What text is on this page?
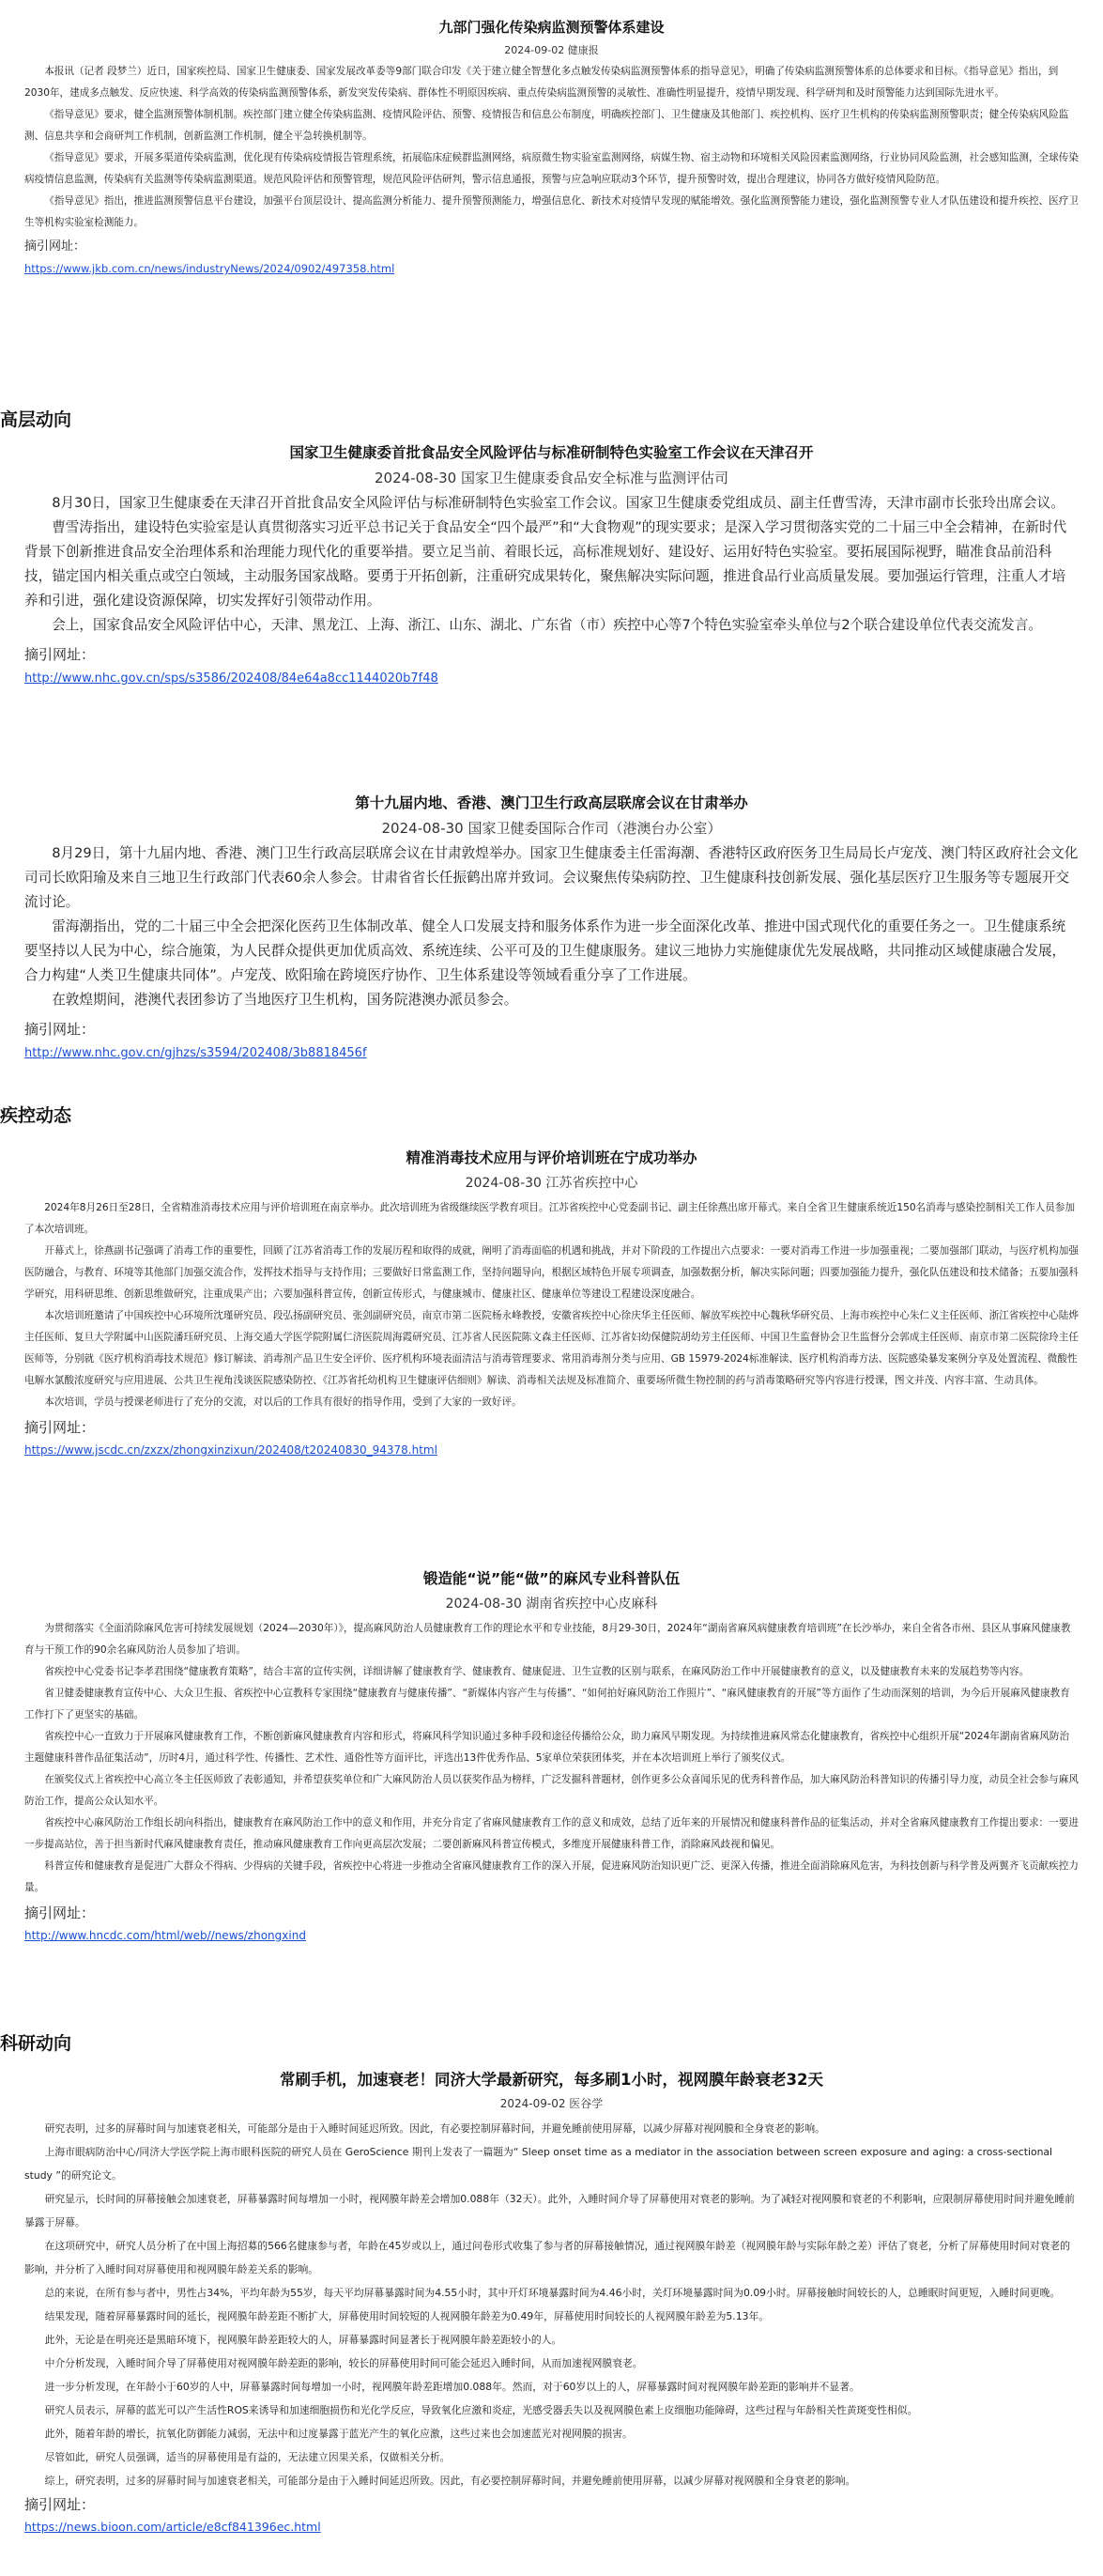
九部门强化传染病监测预警体系建设
2024-09-02 健康报

本报讯（记者 段梦兰）近日，国家疾控局、国家卫生健康委、国家发展改革委等9部门联合印发《关于建立健全智慧化多点触发传染病监测预警体系的指导意见》，明确了传染病监测预警体系的总体要求和目标。《指导意见》指出，到2030年，建成多点触发、反应快速、科学高效的传染病监测预警体系，新发突发传染病、群体性不明原因疾病、重点传染病监测预警的灵敏性、准确性明显提升，疫情早期发现、科学研判和及时预警能力达到国际先进水平。

《指导意见》要求，健全监测预警体制机制。疾控部门建立健全传染病监测、疫情风险评估、预警、疫情报告和信息公布制度，明确疾控部门、卫生健康及其他部门、疾控机构、医疗卫生机构的传染病监测预警职责；健全传染病风险监测、信息共享和会商研判工作机制，创新监测工作机制，健全平急转换机制等。

《指导意见》要求，开展多渠道传染病监测，优化现有传染病疫情报告管理系统，拓展临床症候群监测网络，病原微生物实验室监测网络，病媒生物、宿主动物和环境相关风险因素监测网络，行业协同风险监测，社会感知监测，全球传染病疫情信息监测，传染病有关监测等传染病监测渠道。规范风险评估和预警管理，规范风险评估研判，警示信息通报，预警与应急响应联动3个环节，提升预警时效，提出合理建议，协同各方做好疫情风险防范。

《指导意见》指出，推进监测预警信息平台建设，加强平台顶层设计、提高监测分析能力、提升预警预测能力，增强信息化、新技术对疫情早发现的赋能增效。强化监测预警能力建设，强化监测预警专业人才队伍建设和提升疾控、医疗卫生等机构实验室检测能力。

摘引网址：
https://www.jkb.com.cn/news/industryNews/2024/0902/497358.html
高层动向
国家卫生健康委首批食品安全风险评估与标准研制特色实验室工作会议在天津召开
2024-08-30 国家卫生健康委食品安全标准与监测评估司

8月30日，国家卫生健康委在天津召开首批食品安全风险评估与标准研制特色实验室工作会议。国家卫生健康委党组成员、副主任曹雪涛，天津市副市长张玲出席会议。

曹雪涛指出，建设特色实验室是认真贯彻落实习近平总书记关于食品安全“四个最严”和“大食物观”的现实要求；是深入学习贯彻落实党的二十届三中全会精神，在新时代背景下创新推进食品安全治理体系和治理能力现代化的重要举措。要立足当前、着眼长远，高标准规划好、建设好、运用好特色实验室。要拓展国际视野，瞄准食品前沿科技，锚定国内相关重点或空白领域，主动服务国家战略。要勇于开拓创新，注重研究成果转化，聚焦解决实际问题，推进食品行业高质量发展。要加强运行管理，注重人才培养和引进，强化建设资源保障，切实发挥好引领带动作用。

会上，国家食品安全风险评估中心，天津、黑龙江、上海、浙江、山东、湖北、广东省（市）疾控中心等7个特色实验室牵头单位与2个联合建设单位代表交流发言。

摘引网址：
http://www.nhc.gov.cn/sps/s3586/202408/84e64a8cc1144020b7f48
第十九届内地、香港、澳门卫生行政高层联席会议在甘肃举办
2024-08-30 国家卫健委国际合作司（港澳台办公室）

8月29日，第十九届内地、香港、澳门卫生行政高层联席会议在甘肃敦煌举办。国家卫生健康委主任雷海潮、香港特区政府医务卫生局局长卢宠茂、澳门特区政府社会文化司司长欧阳瑜及来自三地卫生行政部门代表60余人参会。甘肃省省长任振鹤出席并致词。会议聚焦传染病防控、卫生健康科技创新发展、强化基层医疗卫生服务等专题展开交流讨论。

雷海潮指出，党的二十届三中全会把深化医药卫生体制改革、健全人口发展支持和服务体系作为进一步全面深化改革、推进中国式现代化的重要任务之一。卫生健康系统要坚持以人民为中心，综合施策，为人民群众提供更加优质高效、系统连续、公平可及的卫生健康服务。建议三地协力实施健康优先发展战略，共同推动区域健康融合发展，合力构建“人类卫生健康共同体”。卢宠茂、欧阳瑜在跨境医疗协作、卫生体系建设等领域看重分享了工作进展。

在敦煌期间，港澳代表团参访了当地医疗卫生机构，国务院港澳办派员参会。

摘引网址：
http://www.nhc.gov.cn/gjhzs/s3594/202408/3b8818456f
疾控动态
精准消毒技术应用与评价培训班在宁成功举办
2024-08-30 江苏省疾控中心

2024年8月26日至28日，全省精准消毒技术应用与评价培训班在南京举办。此次培训班为省级继续医学教育项目。江苏省疾控中心党委副书记、副主任徐燕出席开幕式。来自全省卫生健康系统近150名消毒与感染控制相关工作人员参加了本次培训班。

开幕式上，徐燕副书记强调了消毒工作的重要性，回顾了江苏省消毒工作的发展历程和取得的成就，阐明了消毒面临的机遇和挑战，并对下阶段的工作提出六点要求：一要对消毒工作进一步加强重视；二要加强部门联动，与医疗机构加强医防融合，与教育、环境等其他部门加强交流合作，发挥技术指导与支持作用；三要做好日常监测工作，坚持问题导向，根据区域特色开展专项调查，加强数据分析，解决实际问题；四要加强能力提升，强化队伍建设和技术储备；五要加强科学研究，用科研思维、创新思维做研究，注重成果产出；六要加强科普宣传，创新宣传形式，与健康城市、健康社区、健康单位等建设工程建设深度融合。

本次培训班邀请了中国疾控中心环境所沈瑾研究员、段弘扬副研究员、张剑副研究员，南京市第二医院杨永峰教授，安徽省疾控中心徐庆华主任医师、解放军疾控中心魏秋华研究员、上海市疾控中心朱仁义主任医师、浙江省疾控中心陆烨主任医师、复旦大学附属中山医院潘珏研究员、上海交通大学医学院附属仁济医院周海霞研究员、江苏省人民医院陈文森主任医师、江苏省妇幼保健院胡幼芳主任医师、中国卫生监督协会卫生监督分会郭成主任医师、南京市第二医院徐玲主任医师等，分别就《医疗机构消毒技术规范》修订解读、消毒剂产品卫生安全评价、医疗机构环境表面清洁与消毒管理要求、常用消毒剂分类与应用、GB 15979-2024标准解读、医疗机构消毒方法、医院感染暴发案例分享及处置流程、微酸性电解水氯酸浓度研究与应用进展、公共卫生视角浅谈医院感染防控、《江苏省托幼机构卫生健康评估细则》解读、消毒相关法规及标准简介、重要场所微生物控制的药与消毒策略研究等内容进行授课，图文并茂、内容丰富、生动具体。

本次培训，学员与授课老师进行了充分的交流，对以后的工作具有很好的指导作用，受到了大家的一致好评。

摘引网址：
https://www.jscdc.cn/zxzx/zhongxinzixun/202408/t20240830_94378.html
锻造能“说”能“做”的麻风专业科普队伍
2024-08-30 湖南省疾控中心皮麻科

为贯彻落实《全面消除麻风危害可持续发展规划（2024—2030年）》，提高麻风防治人员健康教育工作的理论水平和专业技能，8月29-30日，2024年“湖南省麻风病健康教育培训班”在长沙举办，来自全省各市州、县区从事麻风健康教育与干预工作的90余名麻风防治人员参加了培训。

省疾控中心党委书记李孝君围绕“健康教育策略”，结合丰富的宣传实例，详细讲解了健康教育学、健康教育、健康促进、卫生宣教的区别与联系，在麻风防治工作中开展健康教育的意义，以及健康教育未来的发展趋势等内容。

省卫健委健康教育宣传中心、大众卫生报、省疾控中心宣教科专家围绕“健康教育与健康传播”、“新媒体内容产生与传播”、“如何拍好麻风防治工作照片”、“麻风健康教育的开展”等方面作了生动而深刻的培训，为今后开展麻风健康教育工作打下了更坚实的基础。

省疾控中心一直致力于开展麻风健康教育工作，不断创新麻风健康教育内容和形式，将麻风科学知识通过多种手段和途径传播给公众，助力麻风早期发现。为持续推进麻风常态化健康教育，省疾控中心组织开展“2024年湖南省麻风防治主题健康科普作品征集活动”，历时4月，通过科学性、传播性、艺术性、通俗性等方面评比，评选出13件优秀作品、5家单位荣获团体奖，并在本次培训班上举行了颁奖仪式。

在颁奖仪式上省疾控中心高立冬主任医师致了表彰通知，并希望获奖单位和广大麻风防治人员以获奖作品为榜样，广泛发掘科普题材，创作更多公众喜闻乐见的优秀科普作品，加大麻风防治科普知识的传播引导力度，动员全社会参与麻风防治工作，提高公众认知水平。

省疾控中心麻风防治工作组长胡向科指出，健康教育在麻风防治工作中的意义和作用，并充分肯定了省麻风健康教育工作的意义和成效，总结了近年来的开展情况和健康科普作品的征集活动，并对全省麻风健康教育工作提出要求：一要进一步提高站位，善于担当新时代麻风健康教育责任，推动麻风健康教育工作向更高层次发展；二要创新麻风科普宣传模式，多维度开展健康科普工作，消除麻风歧视和偏见。

科普宣传和健康教育是促进广大群众不得病、少得病的关键手段，省疾控中心将进一步推动全省麻风健康教育工作的深入开展，促进麻风防治知识更广泛、更深入传播，推进全面消除麻风危害，为科技创新与科学普及两翼齐飞贡献疾控力量。

摘引网址：
http://www.hncdc.com/html/web//news/zhongxind
科研动向
常刷手机，加速衰老！同济大学最新研究，每多刷1小时，视网膜年龄衰老32天
2024-09-02 医谷学

研究表明，过多的屏幕时间与加速衰老相关，可能部分是由于入睡时间延迟所致。因此，有必要控制屏幕时间，并避免睡前使用屏幕，以减少屏幕对视网膜和全身衰老的影响。

上海市眼病防治中心/同济大学医学院上海市眼科医院的研究人员在 GeroScience 期刊上发表了一篇题为“ Sleep onset time as a mediator in the association between screen exposure and aging: a cross-sectional study ”的研究论文。

研究显示，长时间的屏幕接触会加速衰老，屏幕暴露时间每增加一小时，视网膜年龄差会增加0.088年（32天）。此外，入睡时间介导了屏幕使用对衰老的影响。为了减轻对视网膜和衰老的不利影响，应限制屏幕使用时间并避免睡前暴露于屏幕。

在这项研究中，研究人员分析了在中国上海招募的566名健康参与者，年龄在45岁或以上，通过问卷形式收集了参与者的屏幕接触情况，通过视网膜年龄差（视网膜年龄与实际年龄之差）评估了衰老，分析了屏幕使用时间对衰老的影响，并分析了入睡时间对屏幕使用和视网膜年龄差关系的影响。

总的来说，在所有参与者中，男性占34%，平均年龄为55岁，每天平均屏幕暴露时间为4.55小时，其中开灯环境暴露时间为4.46小时，关灯环境暴露时间为0.09小时。屏幕接触时间较长的人，总睡眠时间更短，入睡时间更晚。

结果发现，随着屏幕暴露时间的延长，视网膜年龄差距不断扩大，屏幕使用时间较短的人视网膜年龄差为0.49年，屏幕使用时间较长的人视网膜年龄差为5.13年。

此外，无论是在明亮还是黑暗环境下，视网膜年龄差距较大的人，屏幕暴露时间显著长于视网膜年龄差距较小的人。

中介分析发现，入睡时间介导了屏幕使用对视网膜年龄差距的影响，较长的屏幕使用时间可能会延迟入睡时间，从而加速视网膜衰老。

进一步分析发现，在年龄小于60岁的人中，屏幕暴露时间每增加一小时，视网膜年龄差距增加0.088年。然而，对于60岁以上的人，屏幕暴露时间对视网膜年龄差距的影响并不显著。

研究人员表示，屏幕的蓝光可以产生活性ROS来诱导和加速细胞损伤和光化学反应，导致氧化应激和炎症，光感受器丢失以及视网膜色素上皮细胞功能障碍，这些过程与年龄相关性黄斑变性相似。

此外，随着年龄的增长，抗氧化防御能力减弱，无法中和过度暴露于蓝光产生的氧化应激，这些过来也会加速蓝光对视网膜的损害。

尽管如此，研究人员强调，适当的屏幕使用是有益的，无法建立因果关系，仅做相关分析。

综上，研究表明，过多的屏幕时间与加速衰老相关，可能部分是由于入睡时间延迟所致。因此，有必要控制屏幕时间，并避免睡前使用屏幕，以减少屏幕对视网膜和全身衰老的影响。

摘引网址：
https://news.bioon.com/article/e8cf841396ec.html
